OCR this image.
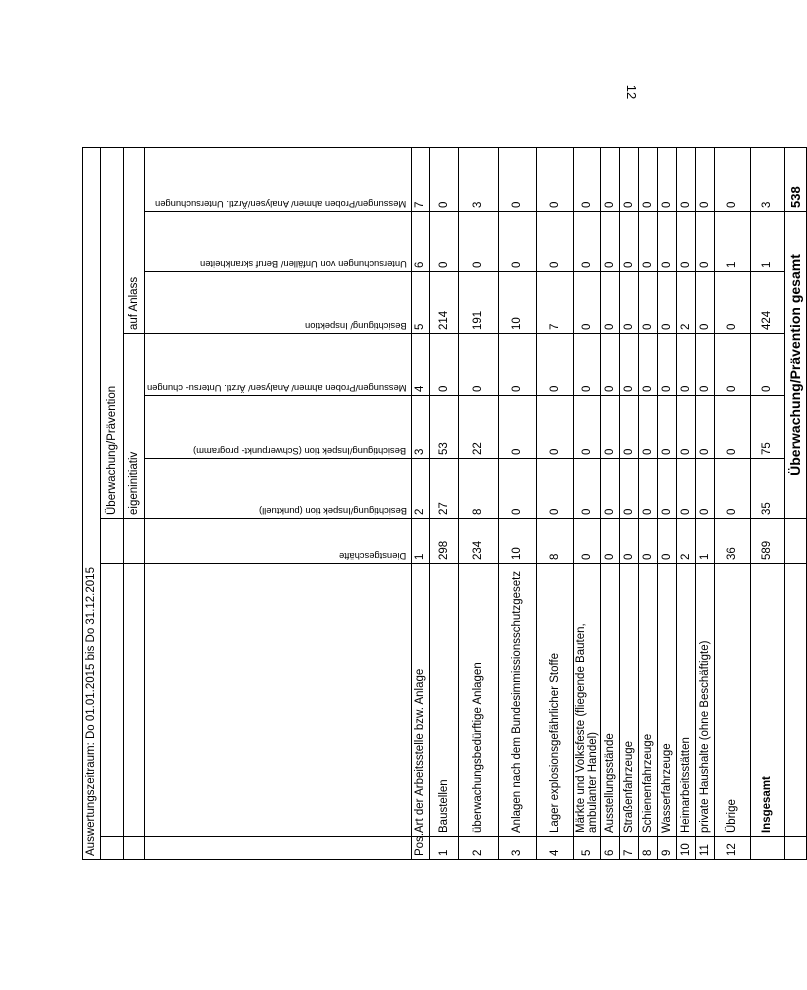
12
Auswertungszeitraum: Do 01.01.2015 bis Do 31.12.2015								
			Überwachung/Prävention					
			eigeninitiativ			auf Anlass		
		Dienstgeschäfte	Besichtigung/Inspek tion (punktuell)	Besichtigung/Inspek tion (Schwerpunkt- programm)	Messungen/Proben ahmen/ Analysen/ Ärztl. Untersu- chungen	Besichtigung/ Inspektion	Untersuchungen von Unfällen/ Beruf skrankheiten	Messungen/Proben ahmen/ Analysen/Ärztl. Untersuchungen
Pos.	Art der Arbeitsstelle bzw. Anlage	1	2	3	4	5	6	7
1	Baustellen	298	27	53	0	214	0	0
2	überwachungsbedürftige Anlagen	234	8	22	0	191	0	3
3	Anlagen nach dem Bundesimmissionsschutzgesetz	10	0	0	0	10	0	0
4	Lager explosionsgefährlicher Stoffe	8	0	0	0	7	0	0
5	Märkte und Volksfeste (fliegende Bauten, ambulanter Handel)	0	0	0	0	0	0	0
6	Ausstellungsstände	0	0	0	0	0	0	0
7	Straßenfahrzeuge	0	0	0	0	0	0	0
8	Schienenfahrzeuge	0	0	0	0	0	0	0
9	Wasserfahrzeuge	0	0	0	0	0	0	0
10	Heimarbeitsstätten	2	0	0	0	2	0	0
11	private Haushalte (ohne Beschäftigte)	1	0	0	0	0	0	0
12	Übrige	36	0	0	0	0	1	0
	Insgesamt	589	35	75	0	424	1	3
			Überwachung/Prävention gesamt					538
